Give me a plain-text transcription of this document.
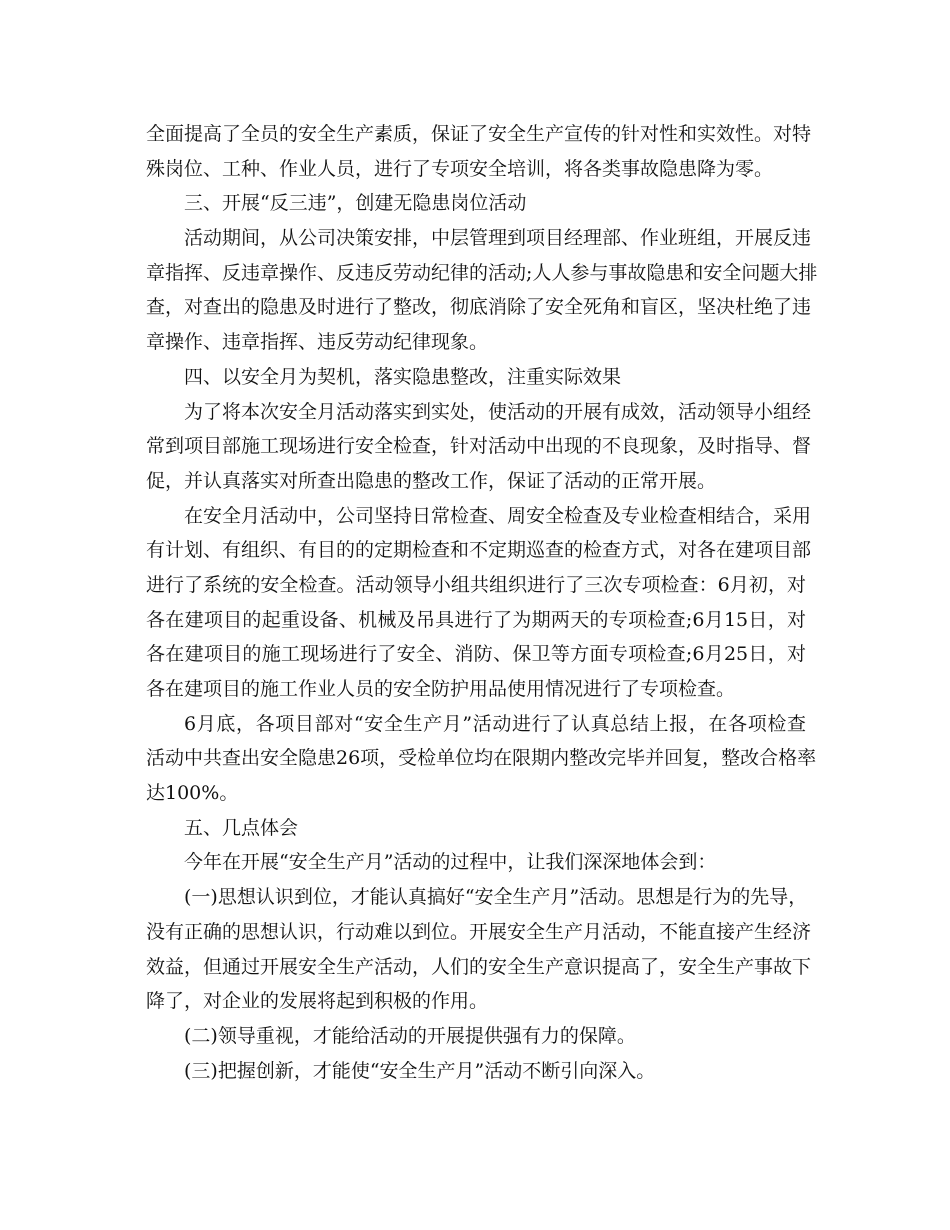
全面提高了全员的安全生产素质，保证了安全生产宣传的针对性和实效性。对特
殊岗位、工种、作业人员，进行了专项安全培训，将各类事故隐患降为零。
三、开展“反三违”，创建无隐患岗位活动
活动期间，从公司决策安排，中层管理到项目经理部、作业班组，开展反违
章指挥、反违章操作、反违反劳动纪律的活动;人人参与事故隐患和安全问题大排
查，对查出的隐患及时进行了整改，彻底消除了安全死角和盲区，坚决杜绝了违
章操作、违章指挥、违反劳动纪律现象。
四、以安全月为契机，落实隐患整改，注重实际效果
为了将本次安全月活动落实到实处，使活动的开展有成效，活动领导小组经
常到项目部施工现场进行安全检查，针对活动中出现的不良现象，及时指导、督
促，并认真落实对所查出隐患的整改工作，保证了活动的正常开展。
在安全月活动中，公司坚持日常检查、周安全检查及专业检查相结合，采用
有计划、有组织、有目的的定期检查和不定期巡查的检查方式，对各在建项目部
进行了系统的安全检查。活动领导小组共组织进行了三次专项检查：6月初，对
各在建项目的起重设备、机械及吊具进行了为期两天的专项检查;6月15日，对
各在建项目的施工现场进行了安全、消防、保卫等方面专项检查;6月25日，对
各在建项目的施工作业人员的安全防护用品使用情况进行了专项检查。
6月底，各项目部对“安全生产月”活动进行了认真总结上报，在各项检查
活动中共查出安全隐患26项，受检单位均在限期内整改完毕并回复，整改合格率
达100%。
五、几点体会
今年在开展“安全生产月”活动的过程中，让我们深深地体会到：
(一)思想认识到位，才能认真搞好“安全生产月”活动。思想是行为的先导，
没有正确的思想认识，行动难以到位。开展安全生产月活动，不能直接产生经济
效益，但通过开展安全生产活动，人们的安全生产意识提高了，安全生产事故下
降了，对企业的发展将起到积极的作用。
(二)领导重视，才能给活动的开展提供强有力的保障。
(三)把握创新，才能使“安全生产月”活动不断引向深入。
